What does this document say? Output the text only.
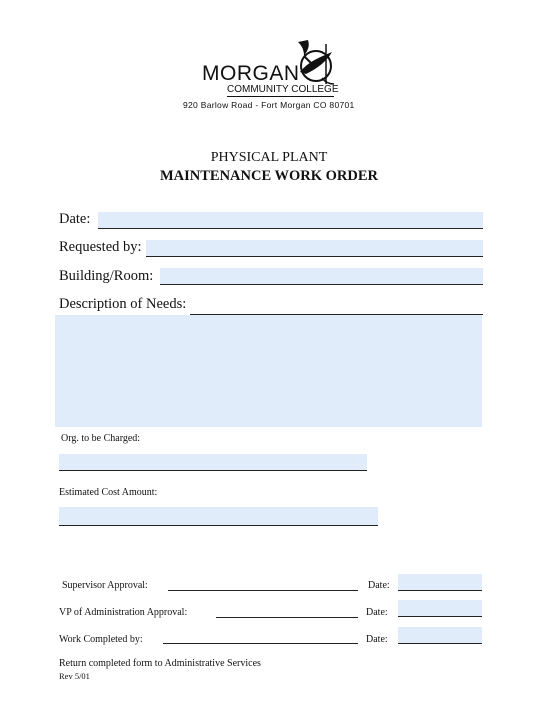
MORGAN
COMMUNITY COLLEGE
920 Barlow Road - Fort Morgan CO 80701
PHYSICAL PLANT
MAINTENANCE WORK ORDER
Date:
Requested by:
Building/Room:
Description of Needs:
Org. to be Charged:
Estimated Cost Amount:
Supervisor Approval:	Date:
VP of Administration Approval:	Date:
Work Completed by:	Date:
Return completed form to Administrative Services
Rev 5/01
